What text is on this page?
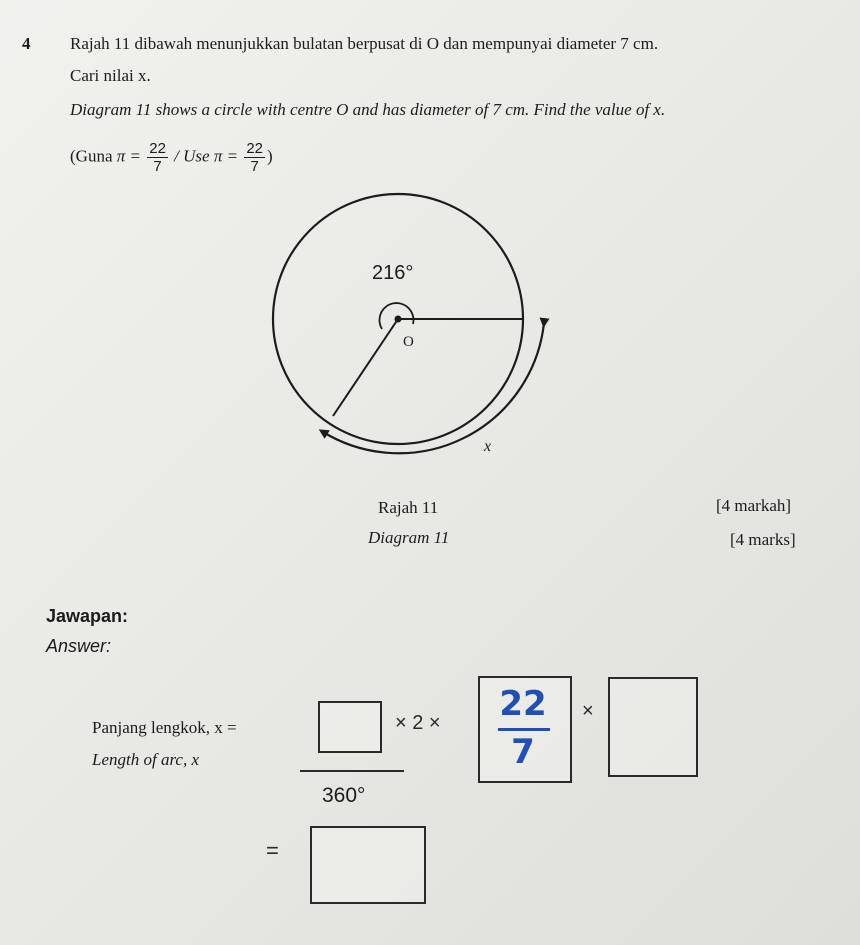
4 Rajah 11 dibawah menunjukkan bulatan berpusat di O dan mempunyai diameter 7 cm.
Cari nilai x.
Diagram 11 shows a circle with centre O and has diameter of 7 cm. Find the value of x.
(Guna $\pi = \frac{22}{7}$ / Use $\pi = \frac{22}{7}$ )
216°
O
x
Rajah 11
Diagram 11
[4 markah]
[4 marks]
Jawapan:
Answer:
Panjang lengkok, x =
Length of arc, x
360°
× 2 ×	22
7
×
=
